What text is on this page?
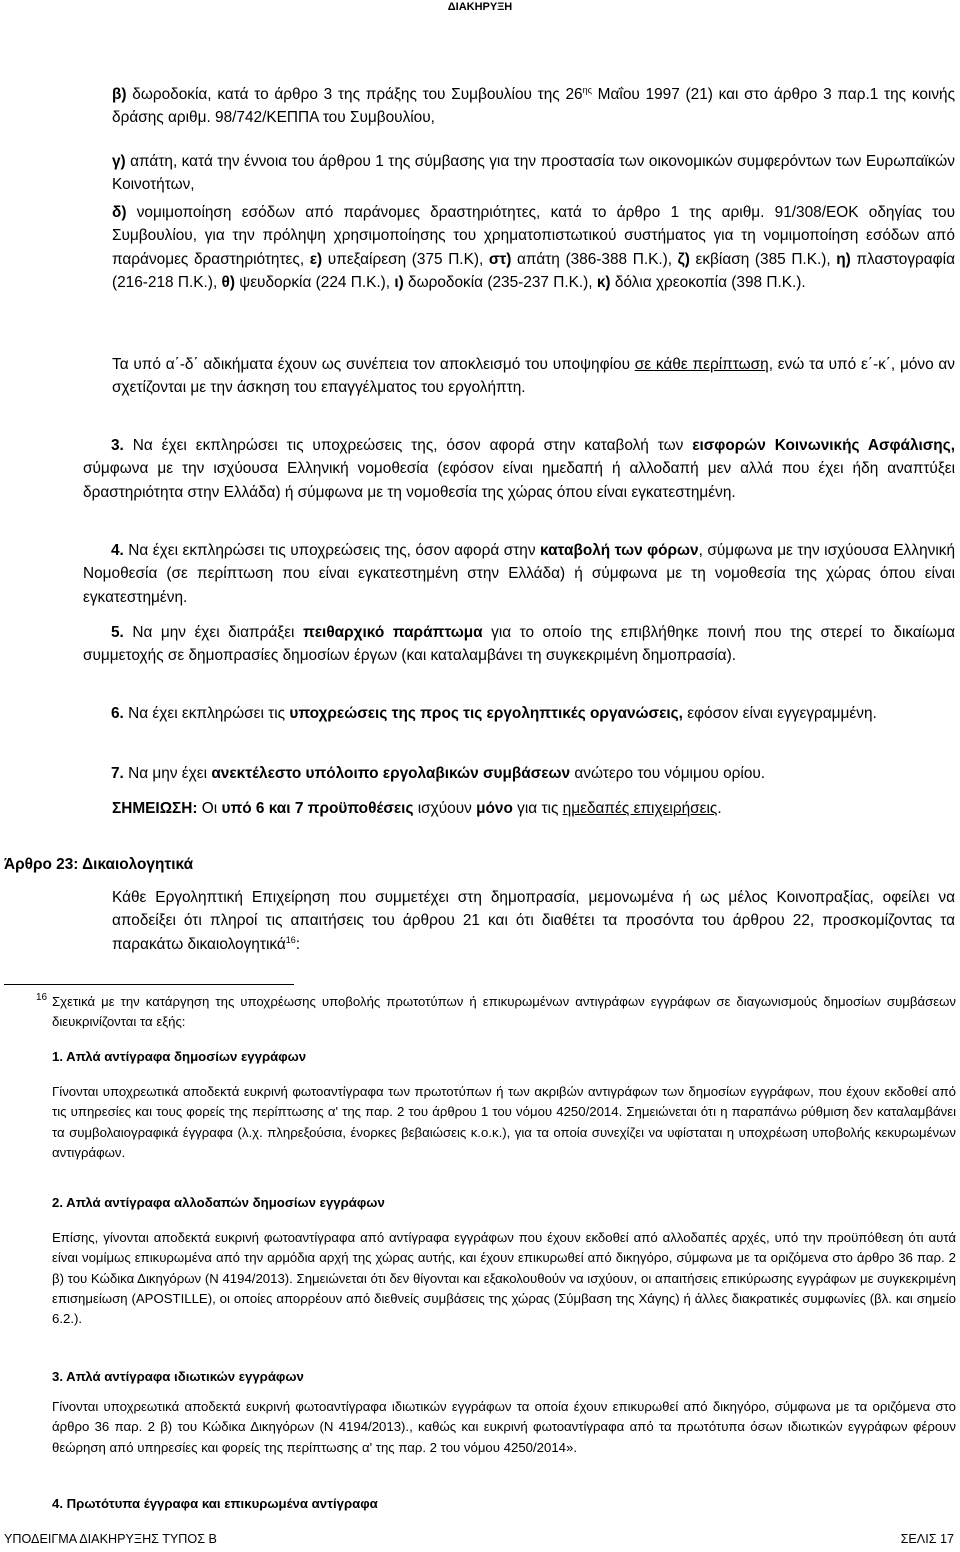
ΔΙΑΚΗΡΥΞΗ

β) δωροδοκία, κατά το άρθρο 3 της πράξης του Συμβουλίου της $26^{\eta\varsigma}$ Μαΐου 1997 (21) και στο άρθρο 3 παρ.1 της κοινής δράσης αριθμ. 98/742/ΚΕΠΠΑ του Συμβουλίου,

γ) απάτη, κατά την έννοια του άρθρου 1 της σύμβασης για την προστασία των οικονομικών συμφερόντων των Ευρωπαϊκών Κοινοτήτων,

δ) νομιμοποίηση εσόδων από παράνομες δραστηριότητες, κατά το άρθρο 1 της αριθμ. 91/308/ΕΟΚ οδηγίας του Συμβουλίου, για την πρόληψη χρησιμοποίησης του χρηματοπιστωτικού συστήματος για τη νομιμοποίηση εσόδων από παράνομες δραστηριότητες, ε) υπεξαίρεση (375 Π.Κ), στ) απάτη (386-388 Π.Κ.), ζ) εκβίαση (385 Π.Κ.), η) πλαστογραφία (216-218 Π.Κ.), θ) ψευδορκία (224 Π.Κ.), ι) δωροδοκία (235-237 Π.Κ.), κ) δόλια χρεοκοπία (398 Π.Κ.).

Τα υπό α΄-δ΄ αδικήματα έχουν ως συνέπεια τον αποκλεισμό του υποψηφίου σε κάθε περίπτωση, ενώ τα υπό ε΄-κ΄, μόνο αν σχετίζονται με την άσκηση του επαγγέλματος του εργολήπτη.

3. Να έχει εκπληρώσει τις υποχρεώσεις της, όσον αφορά στην καταβολή των εισφορών Κοινωνικής Ασφάλισης, σύμφωνα με την ισχύουσα Ελληνική νομοθεσία (εφόσον είναι ημεδαπή ή αλλοδαπή μεν αλλά που έχει ήδη αναπτύξει δραστηριότητα στην Ελλάδα) ή σύμφωνα με τη νομοθεσία της χώρας όπου είναι εγκατεστημένη.

4. Να έχει εκπληρώσει τις υποχρεώσεις της, όσον αφορά στην καταβολή των φόρων, σύμφωνα με την ισχύουσα Ελληνική Νομοθεσία (σε περίπτωση που είναι εγκατεστημένη στην Ελλάδα) ή σύμφωνα με τη νομοθεσία της χώρας όπου είναι εγκατεστημένη.

5. Να μην έχει διαπράξει πειθαρχικό παράπτωμα για το οποίο της επιβλήθηκε ποινή που της στερεί το δικαίωμα συμμετοχής σε δημοπρασίες δημοσίων έργων (και καταλαμβάνει τη συγκεκριμένη δημοπρασία).

6. Να έχει εκπληρώσει τις υποχρεώσεις της προς τις εργοληπτικές οργανώσεις, εφόσον είναι εγγεγραμμένη.

7. Να μην έχει ανεκτέλεστο υπόλοιπο εργολαβικών συμβάσεων ανώτερο του νόμιμου ορίου.

ΣΗΜΕΙΩΣΗ: Οι υπό 6 και 7 προϋποθέσεις ισχύουν μόνο για τις ημεδαπές επιχειρήσεις.

Άρθρο 23: Δικαιολογητικά

Κάθε Εργοληπτική Επιχείρηση που συμμετέχει στη δημοπρασία, μεμονωμένα ή ως μέλος Κοινοπραξίας, οφείλει να αποδείξει ότι πληροί τις απαιτήσεις του άρθρου 21 και ότι διαθέτει τα προσόντα του άρθρου 22, προσκομίζοντας τα παρακάτω δικαιολογητικά$^{16}$:

16 Σχετικά με την κατάργηση της υποχρέωσης υποβολής πρωτοτύπων ή επικυρωμένων αντιγράφων εγγράφων σε διαγωνισμούς δημοσίων συμβάσεων διευκρινίζονται τα εξής:

1. Απλά αντίγραφα δημοσίων εγγράφων

Γίνονται υποχρεωτικά αποδεκτά ευκρινή φωτοαντίγραφα των πρωτοτύπων ή των ακριβών αντιγράφων των δημοσίων εγγράφων, που έχουν εκδοθεί από τις υπηρεσίες και τους φορείς της περίπτωσης α' της παρ. 2 του άρθρου 1 του νόμου 4250/2014. Σημειώνεται ότι η παραπάνω ρύθμιση δεν καταλαμβάνει τα συμβολαιογραφικά έγγραφα (λ.χ. πληρεξούσια, ένορκες βεβαιώσεις κ.ο.κ.), για τα οποία συνεχίζει να υφίσταται η υποχρέωση υποβολής κεκυρωμένων αντιγράφων.

2. Απλά αντίγραφα αλλοδαπών δημοσίων εγγράφων

Επίσης, γίνονται αποδεκτά ευκρινή φωτοαντίγραφα από αντίγραφα εγγράφων που έχουν εκδοθεί από αλλοδαπές αρχές, υπό την προϋπόθεση ότι αυτά είναι νομίμως επικυρωμένα από την αρμόδια αρχή της χώρας αυτής, και έχουν επικυρωθεί από δικηγόρο, σύμφωνα με τα οριζόμενα στο άρθρο 36 παρ. 2 β) του Κώδικα Δικηγόρων (Ν 4194/2013). Σημειώνεται ότι δεν θίγονται και εξακολουθούν να ισχύουν, οι απαιτήσεις επικύρωσης εγγράφων με συγκεκριμένη επισημείωση (APOSTILLE), οι οποίες απορρέουν από διεθνείς συμβάσεις της χώρας (Σύμβαση της Χάγης) ή άλλες διακρατικές συμφωνίες (βλ. και σημείο 6.2.).

3. Απλά αντίγραφα ιδιωτικών εγγράφων

Γίνονται υποχρεωτικά αποδεκτά ευκρινή φωτοαντίγραφα ιδιωτικών εγγράφων τα οποία έχουν επικυρωθεί από δικηγόρο, σύμφωνα με τα οριζόμενα στο άρθρο 36 παρ. 2 β) του Κώδικα Δικηγόρων (Ν 4194/2013)., καθώς και ευκρινή φωτοαντίγραφα από τα πρωτότυπα όσων ιδιωτικών εγγράφων φέρουν θεώρηση από υπηρεσίες και φορείς της περίπτωσης α' της παρ. 2 του νόμου 4250/2014».

4. Πρωτότυπα έγγραφα και επικυρωμένα αντίγραφα

ΥΠΟΔΕΙΓΜΑ ΔΙΑΚΗΡΥΞΗΣ ΤΥΠΟΣ Β	ΣΕΛΙΣ 17
